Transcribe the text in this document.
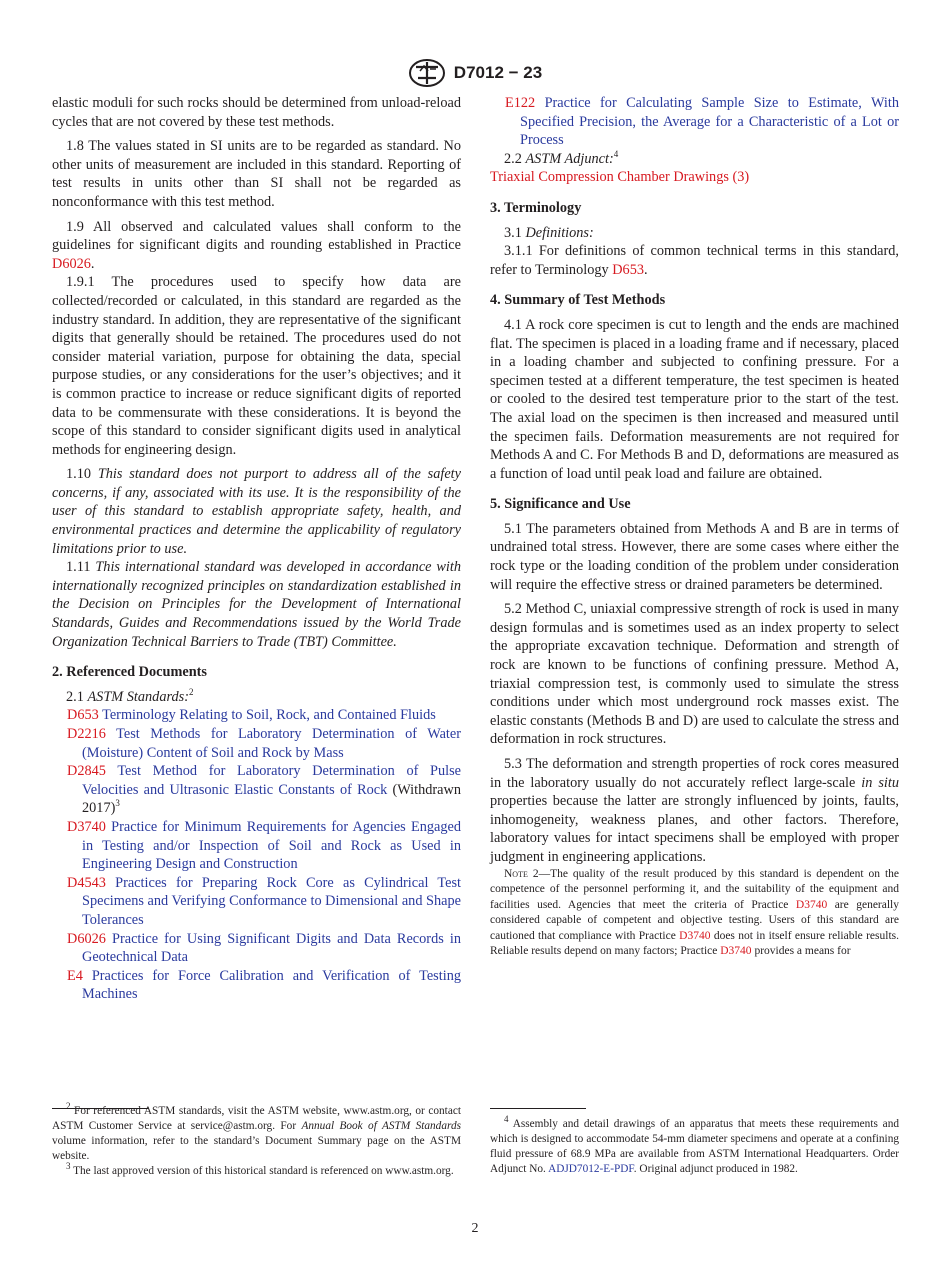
D7012 − 23

elastic moduli for such rocks should be determined from unload-reload cycles that are not covered by these test methods.

1.8 The values stated in SI units are to be regarded as standard. No other units of measurement are included in this standard. Reporting of test results in units other than SI shall not be regarded as nonconformance with this test method.

1.9 All observed and calculated values shall conform to the guidelines for significant digits and rounding established in Practice D6026.

1.9.1 The procedures used to specify how data are collected/recorded or calculated, in this standard are regarded as the industry standard. In addition, they are representative of the significant digits that generally should be retained. The procedures used do not consider material variation, purpose for obtaining the data, special purpose studies, or any considerations for the user’s objectives; and it is common practice to increase or reduce significant digits of reported data to be commensurate with these considerations. It is beyond the scope of this standard to consider significant digits used in analytical methods for engineering design.

1.10 This standard does not purport to address all of the safety concerns, if any, associated with its use. It is the responsibility of the user of this standard to establish appropriate safety, health, and environmental practices and determine the applicability of regulatory limitations prior to use.

1.11 This international standard was developed in accordance with internationally recognized principles on standardization established in the Decision on Principles for the Development of International Standards, Guides and Recommendations issued by the World Trade Organization Technical Barriers to Trade (TBT) Committee.

2. Referenced Documents

2.1 ASTM Standards:$^2$

D653 Terminology Relating to Soil, Rock, and Contained Fluids

D2216 Test Methods for Laboratory Determination of Water (Moisture) Content of Soil and Rock by Mass

D2845 Test Method for Laboratory Determination of Pulse Velocities and Ultrasonic Elastic Constants of Rock (Withdrawn 2017)$^3$

D3740 Practice for Minimum Requirements for Agencies Engaged in Testing and/or Inspection of Soil and Rock as Used in Engineering Design and Construction

D4543 Practices for Preparing Rock Core as Cylindrical Test Specimens and Verifying Conformance to Dimensional and Shape Tolerances

D6026 Practice for Using Significant Digits and Data Records in Geotechnical Data

E4 Practices for Force Calibration and Verification of Testing Machines

E122 Practice for Calculating Sample Size to Estimate, With Specified Precision, the Average for a Characteristic of a Lot or Process

2.2 ASTM Adjunct:$^4$

Triaxial Compression Chamber Drawings (3)

3. Terminology

3.1 Definitions:

3.1.1 For definitions of common technical terms in this standard, refer to Terminology D653.

4. Summary of Test Methods

4.1 A rock core specimen is cut to length and the ends are machined flat. The specimen is placed in a loading frame and if necessary, placed in a loading chamber and subjected to confining pressure. For a specimen tested at a different temperature, the test specimen is heated or cooled to the desired test temperature prior to the start of the test. The axial load on the specimen is then increased and measured until the specimen fails. Deformation measurements are not required for Methods A and C. For Methods B and D, deformations are measured as a function of load until peak load and failure are obtained.

5. Significance and Use

5.1 The parameters obtained from Methods A and B are in terms of undrained total stress. However, there are some cases where either the rock type or the loading condition of the problem under consideration will require the effective stress or drained parameters be determined.

5.2 Method C, uniaxial compressive strength of rock is used in many design formulas and is sometimes used as an index property to select the appropriate excavation technique. Deformation and strength of rock are known to be functions of confining pressure. Method A, triaxial compression test, is commonly used to simulate the stress conditions under which most underground rock masses exist. The elastic constants (Methods B and D) are used to calculate the stress and deformation in rock structures.

5.3 The deformation and strength properties of rock cores measured in the laboratory usually do not accurately reflect large-scale in situ properties because the latter are strongly influenced by joints, faults, inhomogeneity, weakness planes, and other factors. Therefore, laboratory values for intact specimens shall be employed with proper judgment in engineering applications.

Note 2—The quality of the result produced by this standard is dependent on the competence of the personnel performing it, and the suitability of the equipment and facilities used. Agencies that meet the criteria of Practice D3740 are generally considered capable of competent and objective testing. Users of this standard are cautioned that compliance with Practice D3740 does not in itself ensure reliable results. Reliable results depend on many factors; Practice D3740 provides a means for

$^2$ For referenced ASTM standards, visit the ASTM website, www.astm.org, or contact ASTM Customer Service at service@astm.org. For Annual Book of ASTM Standards volume information, refer to the standard’s Document Summary page on the ASTM website.

$^3$ The last approved version of this historical standard is referenced on www.astm.org.

$^4$ Assembly and detail drawings of an apparatus that meets these requirements and which is designed to accommodate 54-mm diameter specimens and operate at a confining fluid pressure of 68.9 MPa are available from ASTM International Headquarters. Order Adjunct No. ADJD7012-E-PDF. Original adjunct produced in 1982.

2
